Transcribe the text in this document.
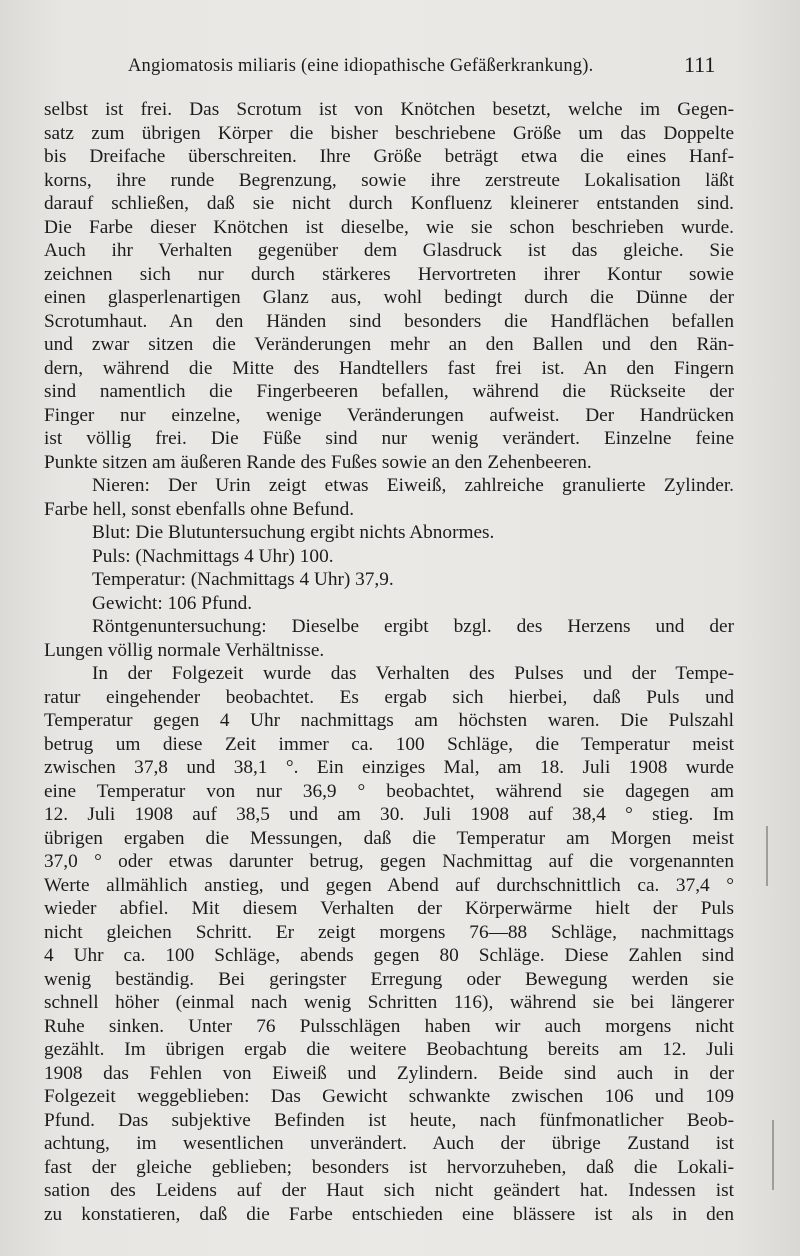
Angiomatosis miliaris (eine idiopathische Gefäßerkrankung).	111
selbst ist frei. Das Scrotum ist von Knötchen besetzt, welche im Gegen-
satz zum übrigen Körper die bisher beschriebene Größe um das Doppelte
bis Dreifache überschreiten. Ihre Größe beträgt etwa die eines Hanf-
korns, ihre runde Begrenzung, sowie ihre zerstreute Lokalisation läßt
darauf schließen, daß sie nicht durch Konfluenz kleinerer entstanden sind.
Die Farbe dieser Knötchen ist dieselbe, wie sie schon beschrieben wurde.
Auch ihr Verhalten gegenüber dem Glasdruck ist das gleiche. Sie
zeichnen sich nur durch stärkeres Hervortreten ihrer Kontur sowie
einen glasperlenartigen Glanz aus, wohl bedingt durch die Dünne der
Scrotumhaut. An den Händen sind besonders die Handflächen befallen
und zwar sitzen die Veränderungen mehr an den Ballen und den Rän-
dern, während die Mitte des Handtellers fast frei ist. An den Fingern
sind namentlich die Fingerbeeren befallen, während die Rückseite der
Finger nur einzelne, wenige Veränderungen aufweist. Der Handrücken
ist völlig frei. Die Füße sind nur wenig verändert. Einzelne feine
Punkte sitzen am äußeren Rande des Fußes sowie an den Zehenbeeren.
Nieren: Der Urin zeigt etwas Eiweiß, zahlreiche granulierte Zylinder.
Farbe hell, sonst ebenfalls ohne Befund.
Blut: Die Blutuntersuchung ergibt nichts Abnormes.
Puls: (Nachmittags 4 Uhr) 100.
Temperatur: (Nachmittags 4 Uhr) 37,9.
Gewicht: 106 Pfund.
Röntgenuntersuchung: Dieselbe ergibt bzgl. des Herzens und der
Lungen völlig normale Verhältnisse.
In der Folgezeit wurde das Verhalten des Pulses und der Tempe-
ratur eingehender beobachtet. Es ergab sich hierbei, daß Puls und
Temperatur gegen 4 Uhr nachmittags am höchsten waren. Die Pulszahl
betrug um diese Zeit immer ca. 100 Schläge, die Temperatur meist
zwischen 37,8 und 38,1 °. Ein einziges Mal, am 18. Juli 1908 wurde
eine Temperatur von nur 36,9 ° beobachtet, während sie dagegen am
12. Juli 1908 auf 38,5 und am 30. Juli 1908 auf 38,4 ° stieg. Im
übrigen ergaben die Messungen, daß die Temperatur am Morgen meist
37,0 ° oder etwas darunter betrug, gegen Nachmittag auf die vorgenannten
Werte allmählich anstieg, und gegen Abend auf durchschnittlich ca. 37,4 °
wieder abfiel. Mit diesem Verhalten der Körperwärme hielt der Puls
nicht gleichen Schritt. Er zeigt morgens 76—88 Schläge, nachmittags
4 Uhr ca. 100 Schläge, abends gegen 80 Schläge. Diese Zahlen sind
wenig beständig. Bei geringster Erregung oder Bewegung werden sie
schnell höher (einmal nach wenig Schritten 116), während sie bei längerer
Ruhe sinken. Unter 76 Pulsschlägen haben wir auch morgens nicht
gezählt. Im übrigen ergab die weitere Beobachtung bereits am 12. Juli
1908 das Fehlen von Eiweiß und Zylindern. Beide sind auch in der
Folgezeit weggeblieben: Das Gewicht schwankte zwischen 106 und 109
Pfund. Das subjektive Befinden ist heute, nach fünfmonatlicher Beob-
achtung, im wesentlichen unverändert. Auch der übrige Zustand ist
fast der gleiche geblieben; besonders ist hervorzuheben, daß die Lokali-
sation des Leidens auf der Haut sich nicht geändert hat. Indessen ist
zu konstatieren, daß die Farbe entschieden eine blässere ist als in den
